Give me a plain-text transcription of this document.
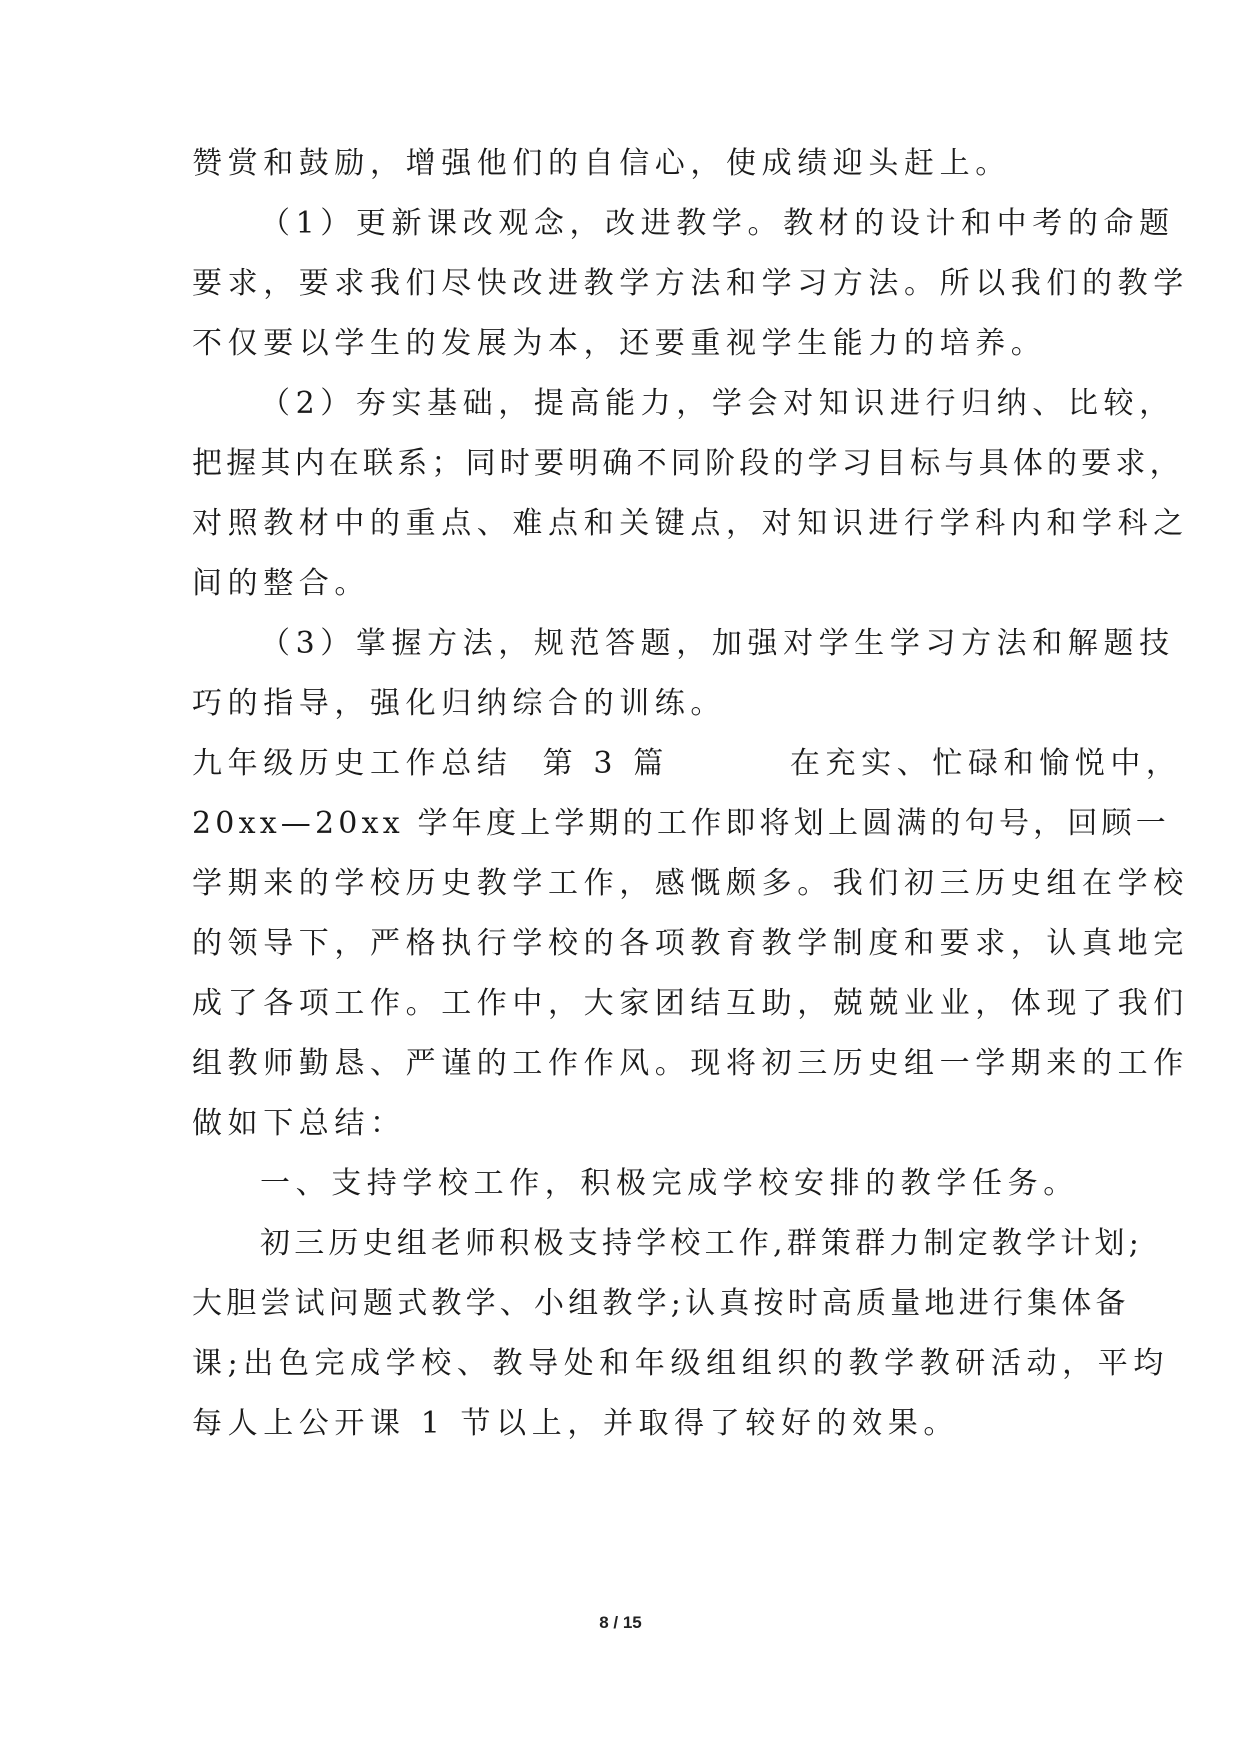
赞赏和鼓励，增强他们的自信心，使成绩迎头赶上。
（1）更新课改观念，改进教学。教材的设计和中考的命题
要求，要求我们尽快改进教学方法和学习方法。所以我们的教学
不仅要以学生的发展为本，还要重视学生能力的培养。
（2）夯实基础，提高能力，学会对知识进行归纳、比较，
把握其内在联系；同时要明确不同阶段的学习目标与具体的要求，
对照教材中的重点、难点和关键点，对知识进行学科内和学科之
间的整合。
（3）掌握方法，规范答题，加强对学生学习方法和解题技
巧的指导，强化归纳综合的训练。
九年级历史工作总结  第 3 篇        在充实、忙碌和愉悦中，
20xx—20xx 学年度上学期的工作即将划上圆满的句号，回顾一
学期来的学校历史教学工作，感慨颇多。我们初三历史组在学校
的领导下，严格执行学校的各项教育教学制度和要求，认真地完
成了各项工作。工作中，大家团结互助，兢兢业业，体现了我们
组教师勤恳、严谨的工作作风。现将初三历史组一学期来的工作
做如下总结：
一、支持学校工作，积极完成学校安排的教学任务。
初三历史组老师积极支持学校工作,群策群力制定教学计划;
大胆尝试问题式教学、小组教学;认真按时高质量地进行集体备
课;出色完成学校、教导处和年级组组织的教学教研活动，平均
每人上公开课 1 节以上，并取得了较好的效果。
8 / 15
